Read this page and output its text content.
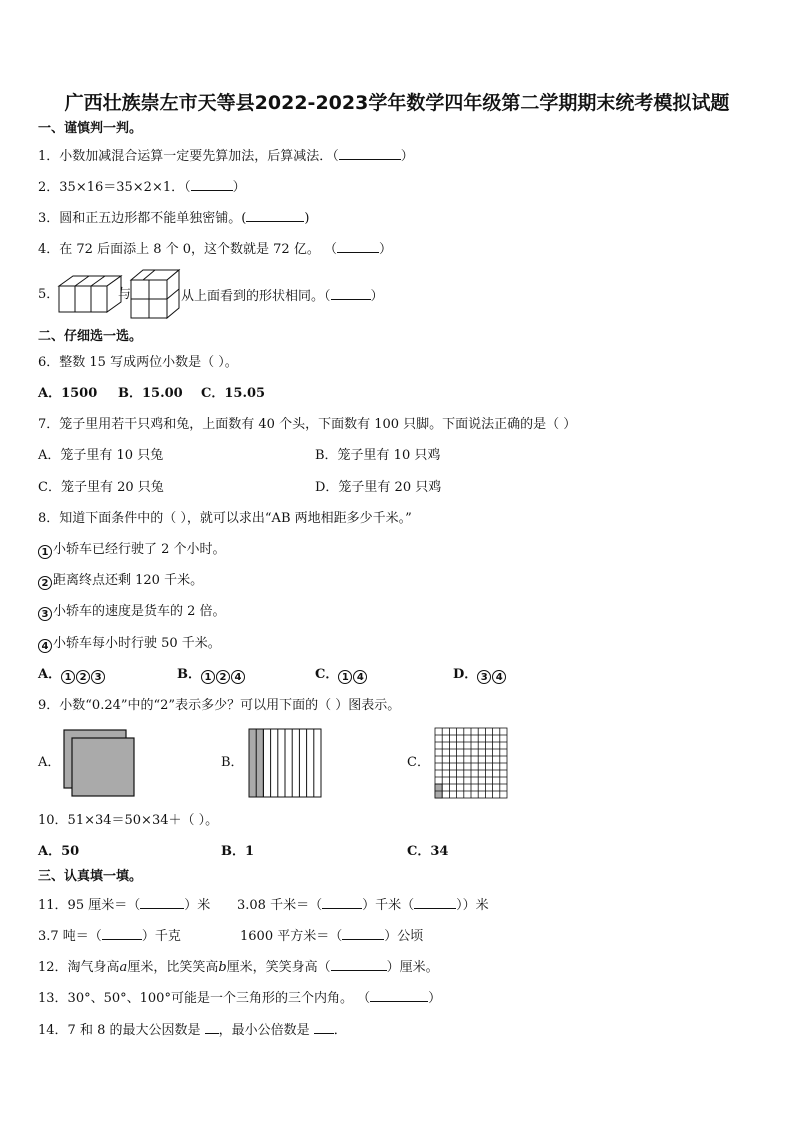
广西壮族崇左市天等县2022-2023学年数学四年级第二学期期末统考模拟试题
一、谨慎判一判。
1．小数加减混合运算一定要先算加法，后算减法．（	）
2．35×16＝35×2×1．（	）
3．圆和正五边形都不能单独密铺。(	)
4．在 72 后面添上 8 个 0，这个数就是 72 亿。 （	）
5．	与	从上面看到的形状相同。（	）
二、仔细选一选。
6．整数 15 写成两位小数是（ ）。
A．1500 B．15.00 C．15.05
7．笼子里用若干只鸡和兔，上面数有 40 个头，下面数有 100 只脚。下面说法正确的是（ ）
A．笼子里有 10 只兔	B．笼子里有 10 只鸡
C．笼子里有 20 只兔	D．笼子里有 20 只鸡
8．知道下面条件中的（ ），就可以求出“AB 两地相距多少千米。”
1 小轿车已经行驶了 2 个小时。
2 距离终点还剩 120 千米。
3 小轿车的速度是货车的 2 倍。
4 小轿车每小时行驶 50 千米。
A． 1 2 3	B． 1 2 4	C． 1 4	D． 3 4
9．小数“0.24”中的“2”表示多少？可以用下面的（ ）图表示。
A．	B．	C．
10．51×34＝50×34＋（ ）。
A．50	B．1	C．34
三、认真填一填。
11．95 厘米＝（	）米 3.08 千米＝（	）千米（	））米
3.7 吨＝（	）千克	1600 平方米＝（	）公顷
12．淘气身高a厘米，比笑笑高b厘米，笑笑身高（	）厘米。
13．30°、50°、100°可能是一个三角形的三个内角。 （	）
14．7 和 8 的最大公因数是 ，最小公倍数是 ．
